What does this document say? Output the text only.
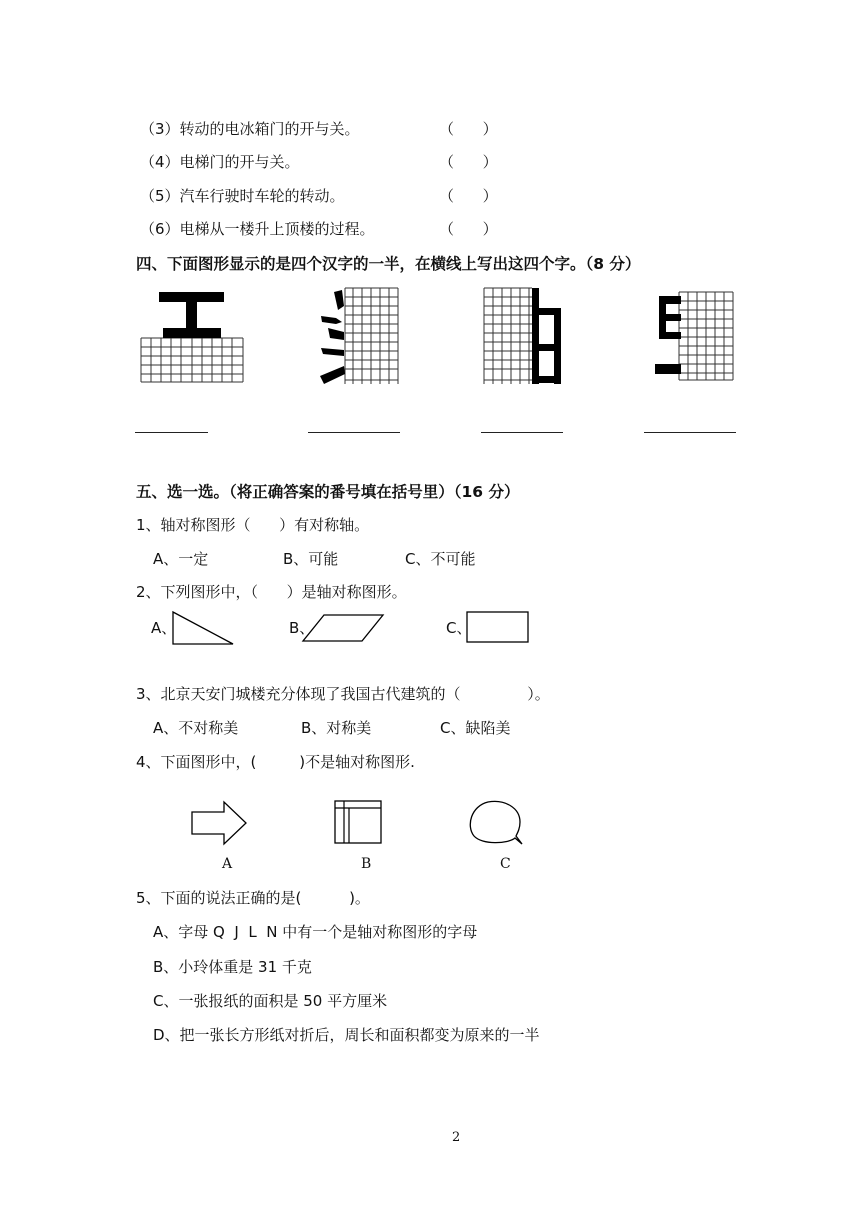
（3）转动的电冰箱门的开与关。	（      ）
（4）电梯门的开与关。	（      ）
（5）汽车行驶时车轮的转动。	（      ）
（6）电梯从一楼升上顶楼的过程。	（      ）
四、下面图形显示的是四个汉字的一半，在横线上写出这四个字。（8 分）
五、选一选。（将正确答案的番号填在括号里）（16 分）
1、轴对称图形（      ）有对称轴。
A、一定	B、可能	C、不可能
2、下列图形中，（      ）是轴对称图形。
A、	B、	C、
3、北京天安门城楼充分体现了我国古代建筑的（              ）。
A、不对称美	B、对称美	C、缺陷美
4、下面图形中，(         )不是轴对称图形.
A	B	C
5、下面的说法正确的是(          )。
A、字母 Q  J  L  N 中有一个是轴对称图形的字母
B、小玲体重是 31 千克
C、一张报纸的面积是 50 平方厘米
D、把一张长方形纸对折后，周长和面积都变为原来的一半
2
